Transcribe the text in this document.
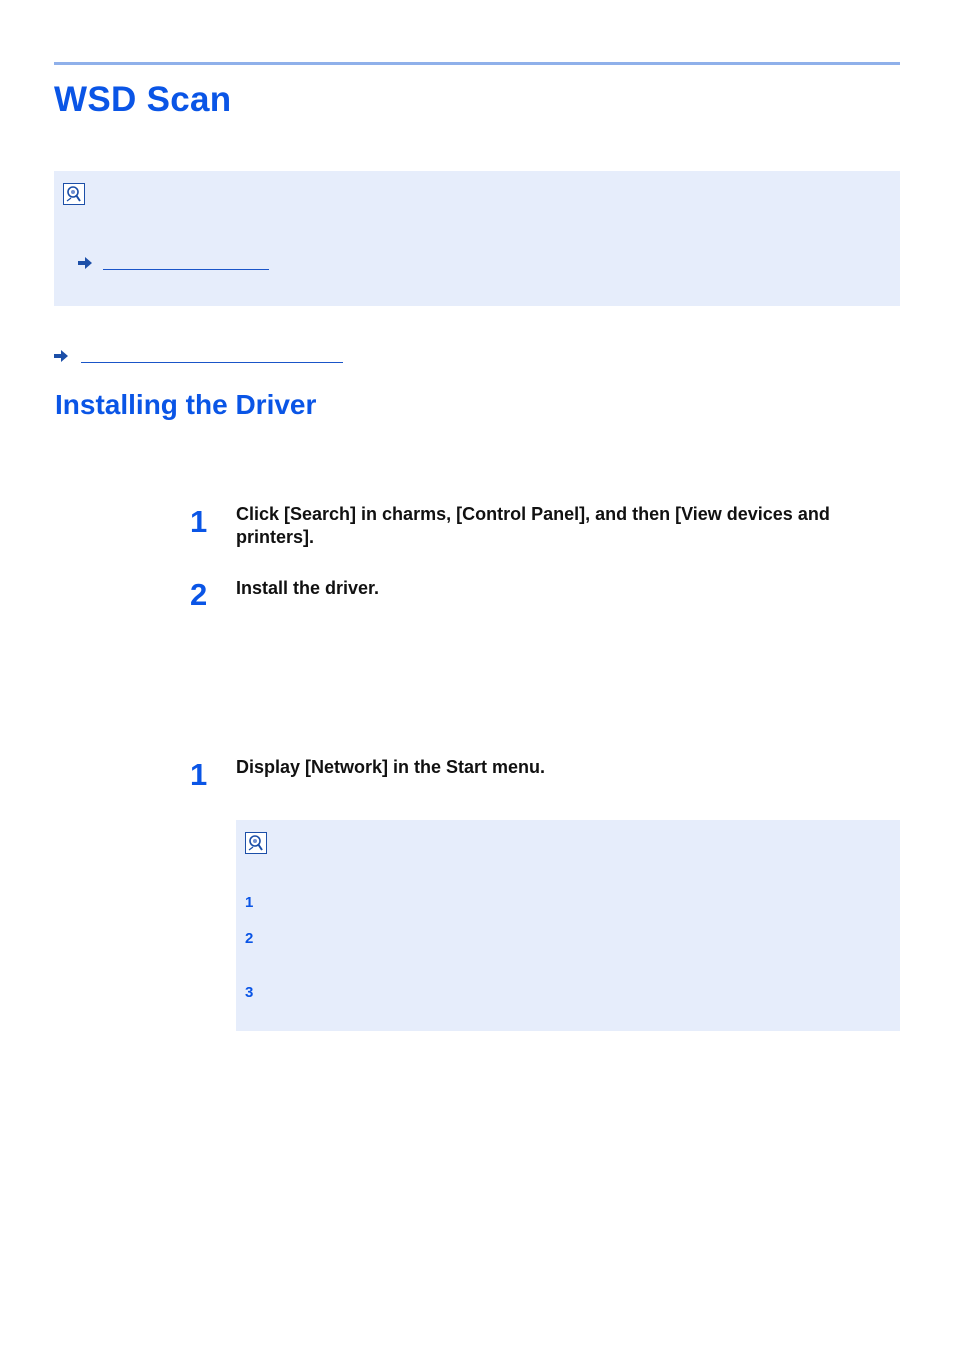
WSD Scan
Installing the Driver
1 Click [Search] in charms, [Control Panel], and then [View devices and printers].

2 Install the driver.

1 Display [Network] in the Start menu.

1
2
3
